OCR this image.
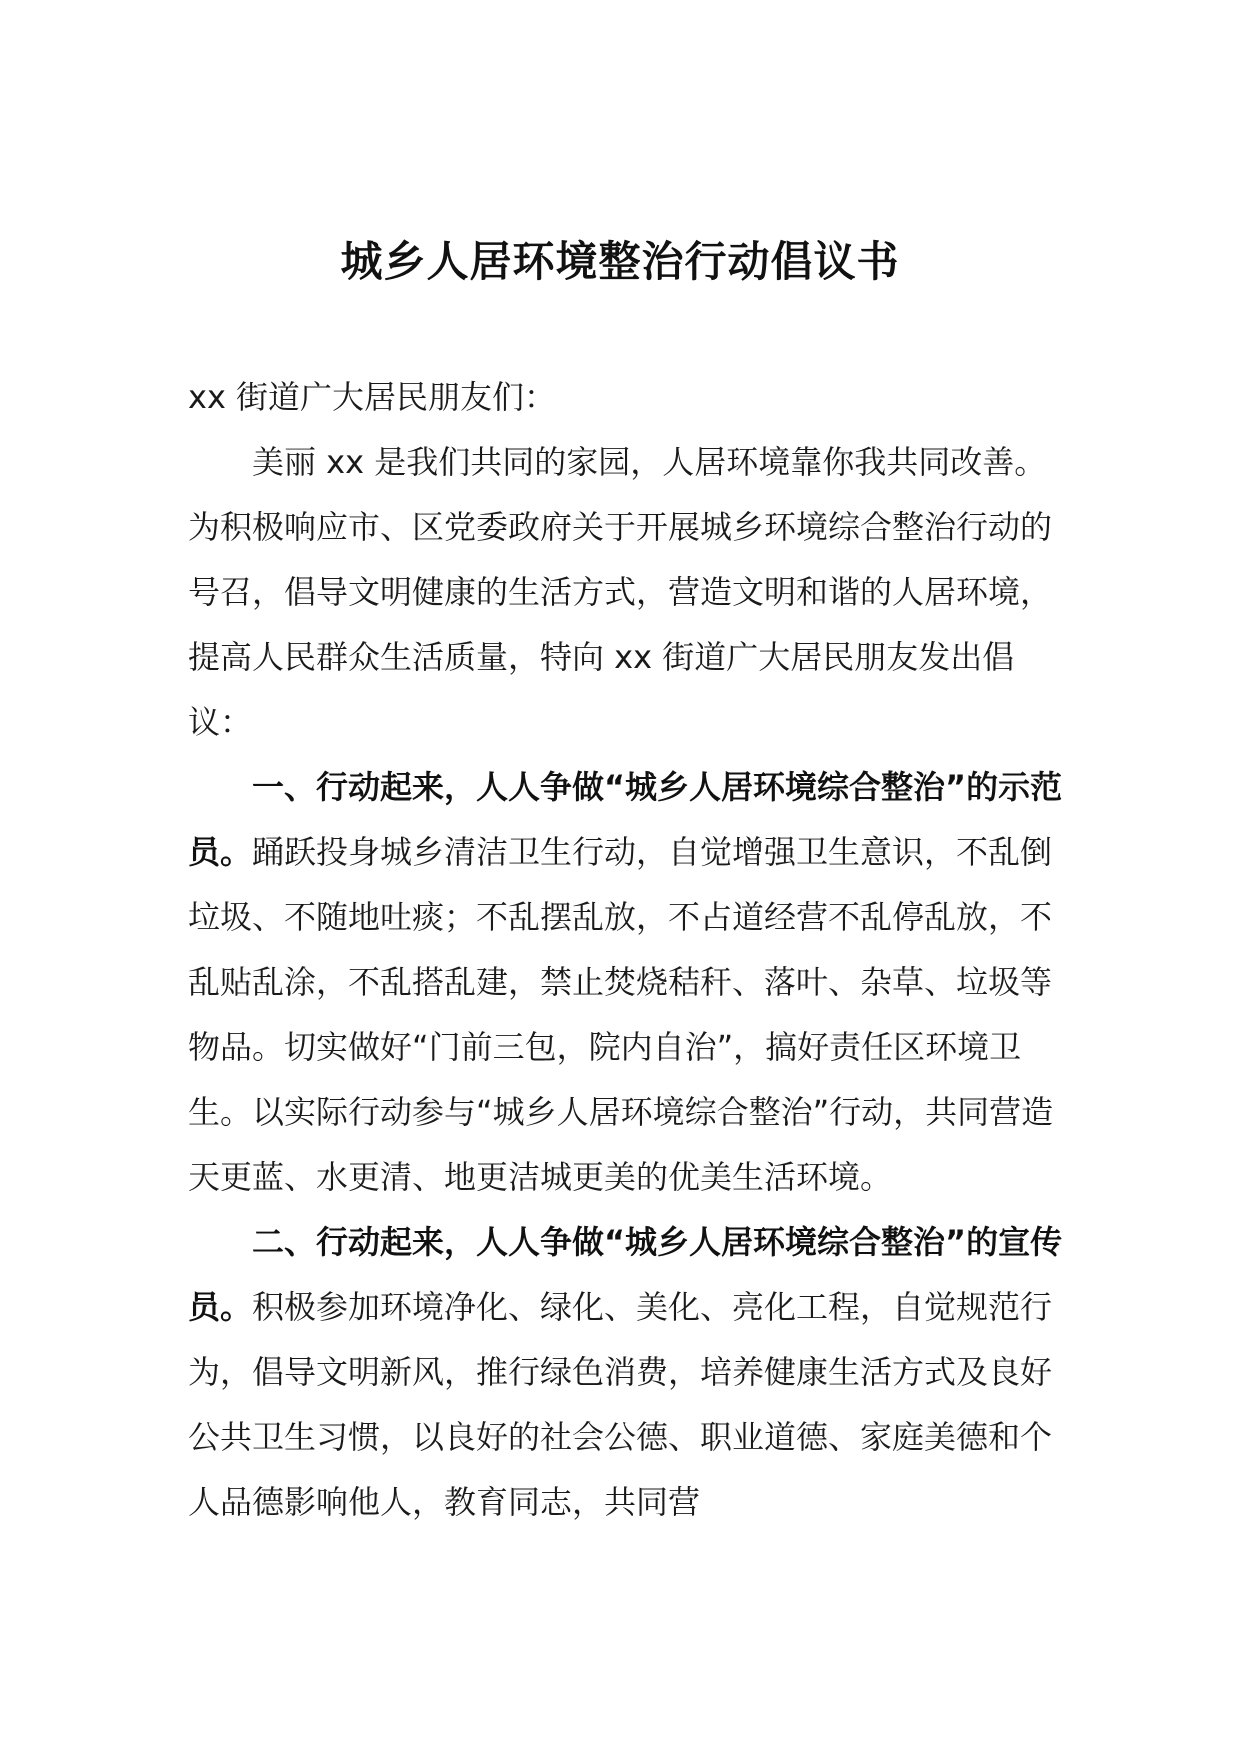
城乡人居环境整治行动倡议书

xx 街道广大居民朋友们：

美丽 xx 是我们共同的家园，人居环境靠你我共同改善。为积极响应市、区党委政府关于开展城乡环境综合整治行动的号召，倡导文明健康的生活方式，营造文明和谐的人居环境，提高人民群众生活质量，特向 xx 街道广大居民朋友发出倡议：

一、行动起来，人人争做“城乡人居环境综合整治”的示范员。踊跃投身城乡清洁卫生行动，自觉增强卫生意识，不乱倒垃圾、不随地吐痰；不乱摆乱放，不占道经营不乱停乱放，不乱贴乱涂，不乱搭乱建，禁止焚烧秸秆、落叶、杂草、垃圾等物品。切实做好“门前三包，院内自治”，搞好责任区环境卫生。以实际行动参与“城乡人居环境综合整治”行动，共同营造天更蓝、水更清、地更洁城更美的优美生活环境。

二、行动起来，人人争做“城乡人居环境综合整治”的宣传员。积极参加环境净化、绿化、美化、亮化工程，自觉规范行为，倡导文明新风，推行绿色消费，培养健康生活方式及良好公共卫生习惯，以良好的社会公德、职业道德、家庭美德和个人品德影响他人，教育同志，共同营
